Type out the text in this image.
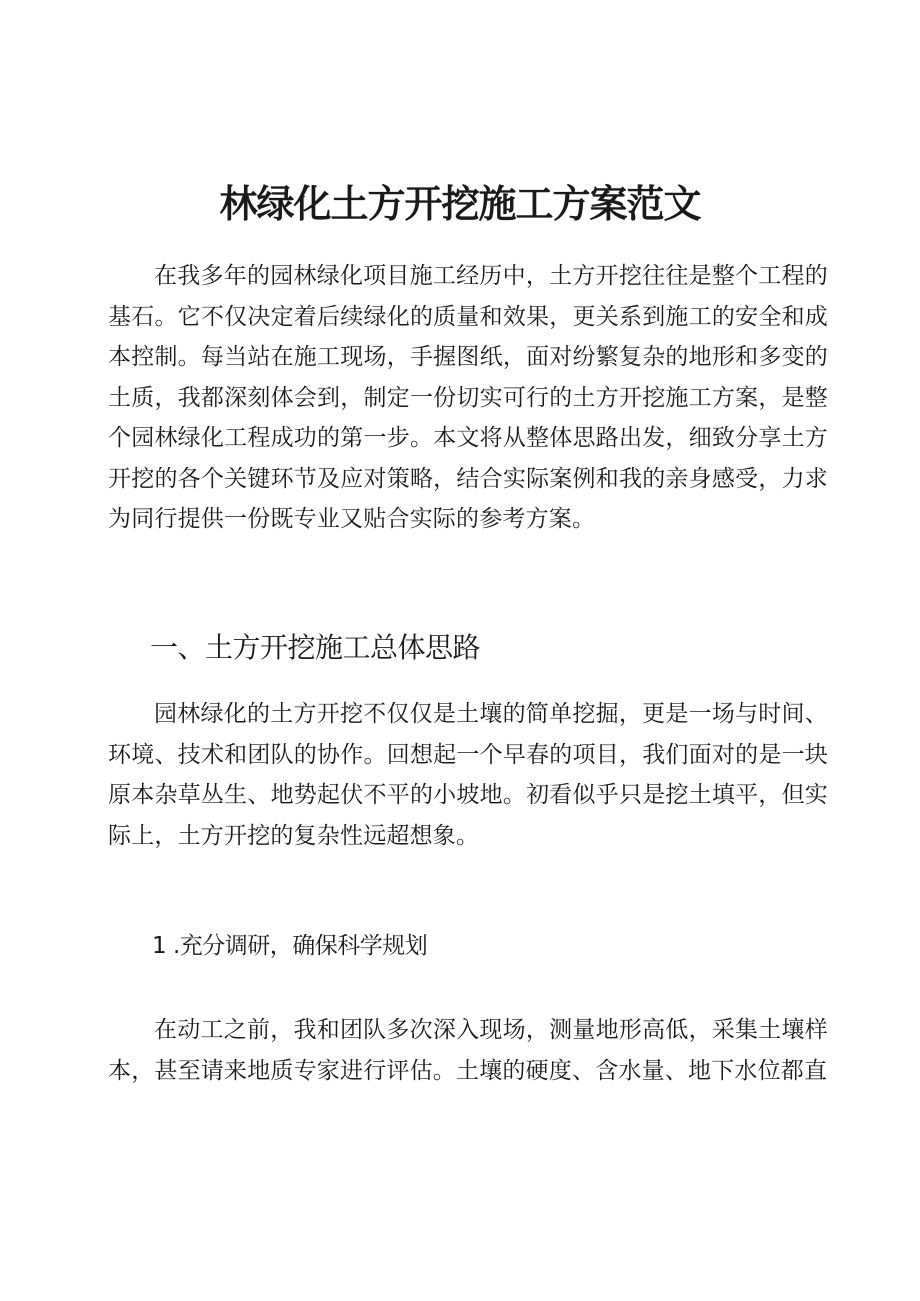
林绿化土方开挖施工方案范文

在我多年的园林绿化项目施工经历中，土方开挖往往是整个工程的基石。它不仅决定着后续绿化的质量和效果，更关系到施工的安全和成本控制。每当站在施工现场，手握图纸，面对纷繁复杂的地形和多变的土质，我都深刻体会到，制定一份切实可行的土方开挖施工方案，是整个园林绿化工程成功的第一步。本文将从整体思路出发，细致分享土方开挖的各个关键环节及应对策略，结合实际案例和我的亲身感受，力求为同行提供一份既专业又贴合实际的参考方案。

一、土方开挖施工总体思路

园林绿化的土方开挖不仅仅是土壤的简单挖掘，更是一场与时间、环境、技术和团队的协作。回想起一个早春的项目，我们面对的是一块原本杂草丛生、地势起伏不平的小坡地。初看似乎只是挖土填平，但实际上，土方开挖的复杂性远超想象。

1 .充分调研，确保科学规划

在动工之前，我和团队多次深入现场，测量地形高低，采集土壤样本，甚至请来地质专家进行评估。土壤的硬度、含水量、地下水位都直
